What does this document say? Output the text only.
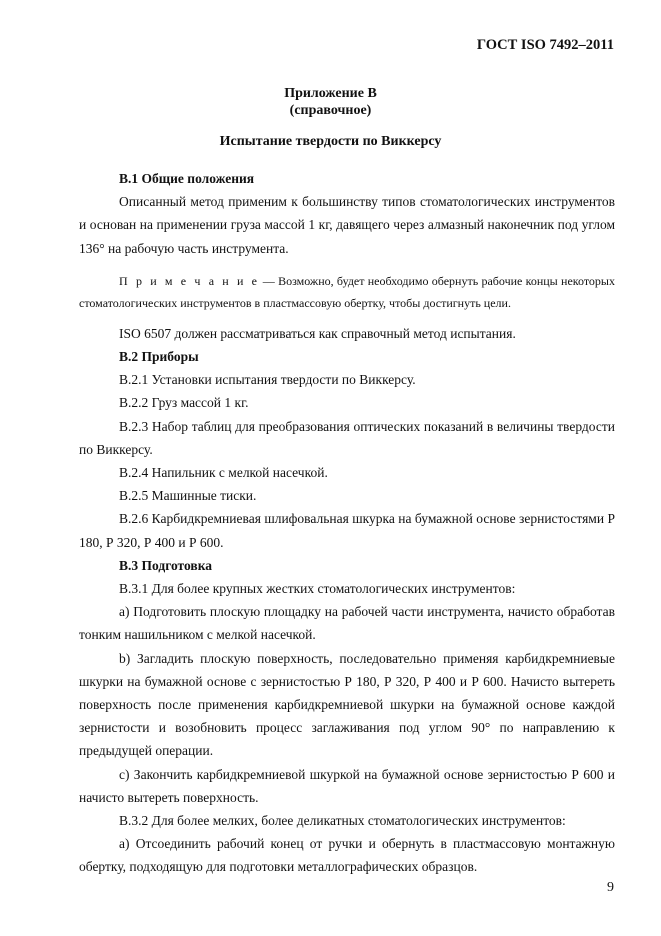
ГОСТ ISO 7492–2011
Приложение В
(справочное)
Испытание твердости по Виккерсу

В.1 Общие положения

Описанный метод применим к большинству типов стоматологических инструментов и основан на применении груза массой 1 кг, давящего через алмазный наконечник под углом 136° на рабочую часть инструмента.

П р и м е ч а н и е — Возможно, будет необходимо обернуть рабочие концы некоторых стоматологических инструментов в пластмассовую обертку, чтобы достигнуть цели.

ISO 6507 должен рассматриваться как справочный метод испытания.

В.2 Приборы

В.2.1 Установки испытания твердости по Виккерсу.

В.2.2 Груз массой 1 кг.

В.2.3 Набор таблиц для преобразования оптических показаний в величины твердости по Виккерсу.

В.2.4 Напильник с мелкой насечкой.

В.2.5 Машинные тиски.

В.2.6 Карбидкремниевая шлифовальная шкурка на бумажной основе зернистостями Р 180, Р 320, Р 400 и Р 600.

В.3 Подготовка

В.3.1 Для более крупных жестких стоматологических инструментов:

а) Подготовить плоскую площадку на рабочей части инструмента, начисто обработав тонким нашильником с мелкой насечкой.

b) Загладить плоскую поверхность, последовательно применяя карбидкремниевые шкурки на бумажной основе с зернистостью Р 180, Р 320, Р 400 и Р 600. Начисто вытереть поверхность после применения карбидкремниевой шкурки на бумажной основе каждой зернистости и возобновить процесс заглаживания под углом 90° по направлению к предыдущей операции.

с) Закончить карбидкремниевой шкуркой на бумажной основе зернистостью Р 600 и начисто вытереть поверхность.

В.3.2 Для более мелких, более деликатных стоматологических инструментов:

а) Отсоединить рабочий конец от ручки и обернуть в пластмассовую монтажную обертку, подходящую для подготовки металлографических образцов.

9
